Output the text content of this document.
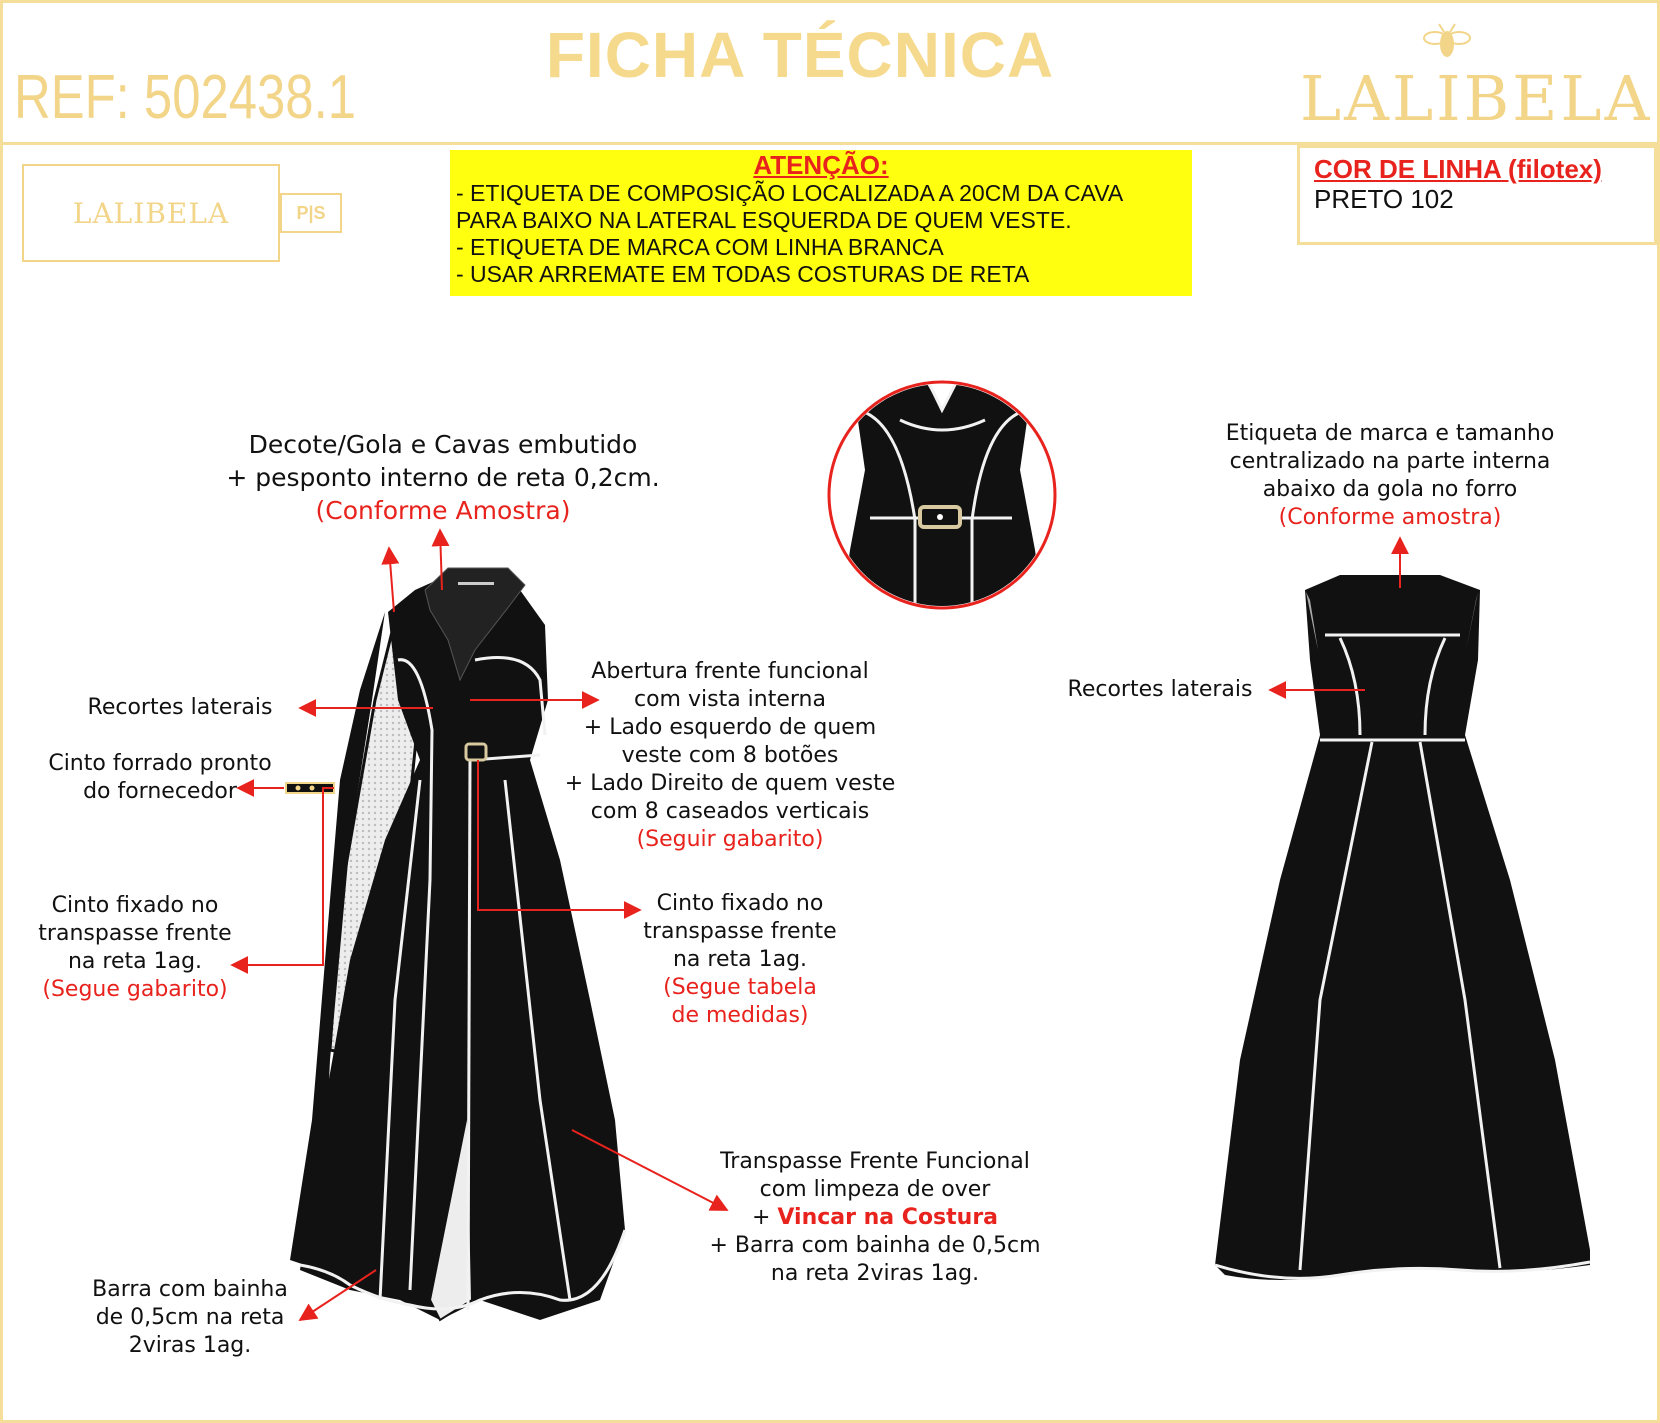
FICHA TÉCNICA
REF: 502438.1	LALIBELA
LALIBELA	P|S
ATENÇÃO:
- ETIQUETA DE COMPOSIÇÃO LOCALIZADA A 20CM DA CAVA
PARA BAIXO NA LATERAL ESQUERDA DE QUEM VESTE.
- ETIQUETA DE MARCA COM LINHA BRANCA
- USAR ARREMATE EM TODAS COSTURAS DE RETA
COR DE LINHA (filotex)
PRETO 102
Decote/Gola e Cavas embutido
+ pesponto interno de reta 0,2cm.
(Conforme Amostra)
Recortes laterais
Cinto forrado pronto
do fornecedor
Cinto fixado no
transpasse frente
na reta 1ag.
(Segue gabarito)
Barra com bainha
de 0,5cm na reta
2viras 1ag.
Abertura frente funcional
com vista interna
+ Lado esquerdo de quem
veste com 8 botões
+ Lado Direito de quem veste
com 8 caseados verticais
(Seguir gabarito)
Cinto fixado no
transpasse frente
na reta 1ag.
(Segue tabela
de medidas)
Transpasse Frente Funcional
com limpeza de over
+ Vincar na Costura
+ Barra com bainha de 0,5cm
na reta 2viras 1ag.
Etiqueta de marca e tamanho
centralizado na parte interna
abaixo da gola no forro
(Conforme amostra)
Recortes laterais
